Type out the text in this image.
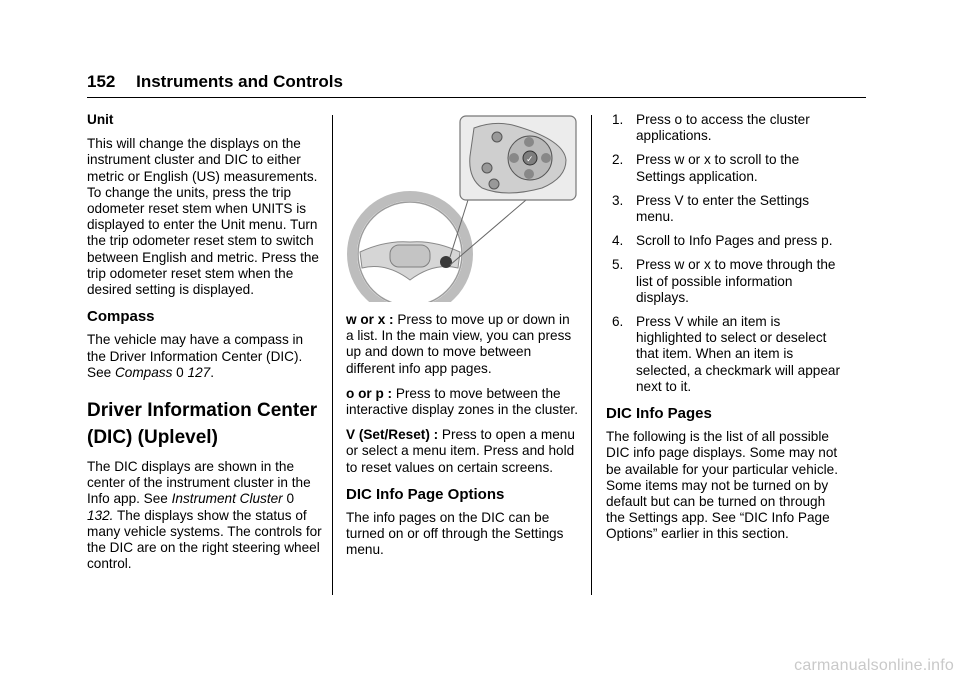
152 Instruments and Controls
Unit

This will change the displays on the instrument cluster and DIC to either metric or English (US) measurements. To change the units, press the trip odometer reset stem when UNITS is displayed to enter the Unit menu. Turn the trip odometer reset stem to switch between English and metric. Press the trip odometer reset stem when the desired setting is displayed.

Compass

The vehicle may have a compass in the Driver Information Center (DIC). See Compass 0 127.

Driver Information Center
(DIC) (Uplevel)

The DIC displays are shown in the center of the instrument cluster in the Info app. See Instrument Cluster 0 132. The displays show the status of many vehicle systems. The controls for the DIC are on the right steering wheel control.

✓

w or x : Press to move up or down in a list. In the main view, you can press up and down to move between different info app pages.

o or p : Press to move between the interactive display zones in the cluster.

V (Set/Reset) : Press to open a menu or select a menu item. Press and hold to reset values on certain screens.

DIC Info Page Options

The info pages on the DIC can be turned on or off through the Settings menu.

1. Press o to access the cluster applications.
2. Press w or x to scroll to the Settings application.
3. Press V to enter the Settings menu.
4. Scroll to Info Pages and press p.
5. Press w or x to move through the list of possible information displays.
6. Press V while an item is highlighted to select or deselect that item. When an item is selected, a checkmark will appear next to it.
DIC Info Pages

The following is the list of all possible DIC info page displays. Some may not be available for your particular vehicle. Some items may not be turned on by default but can be turned on through the Settings app. See “DIC Info Page Options” earlier in this section.

carmanualsonline.info
